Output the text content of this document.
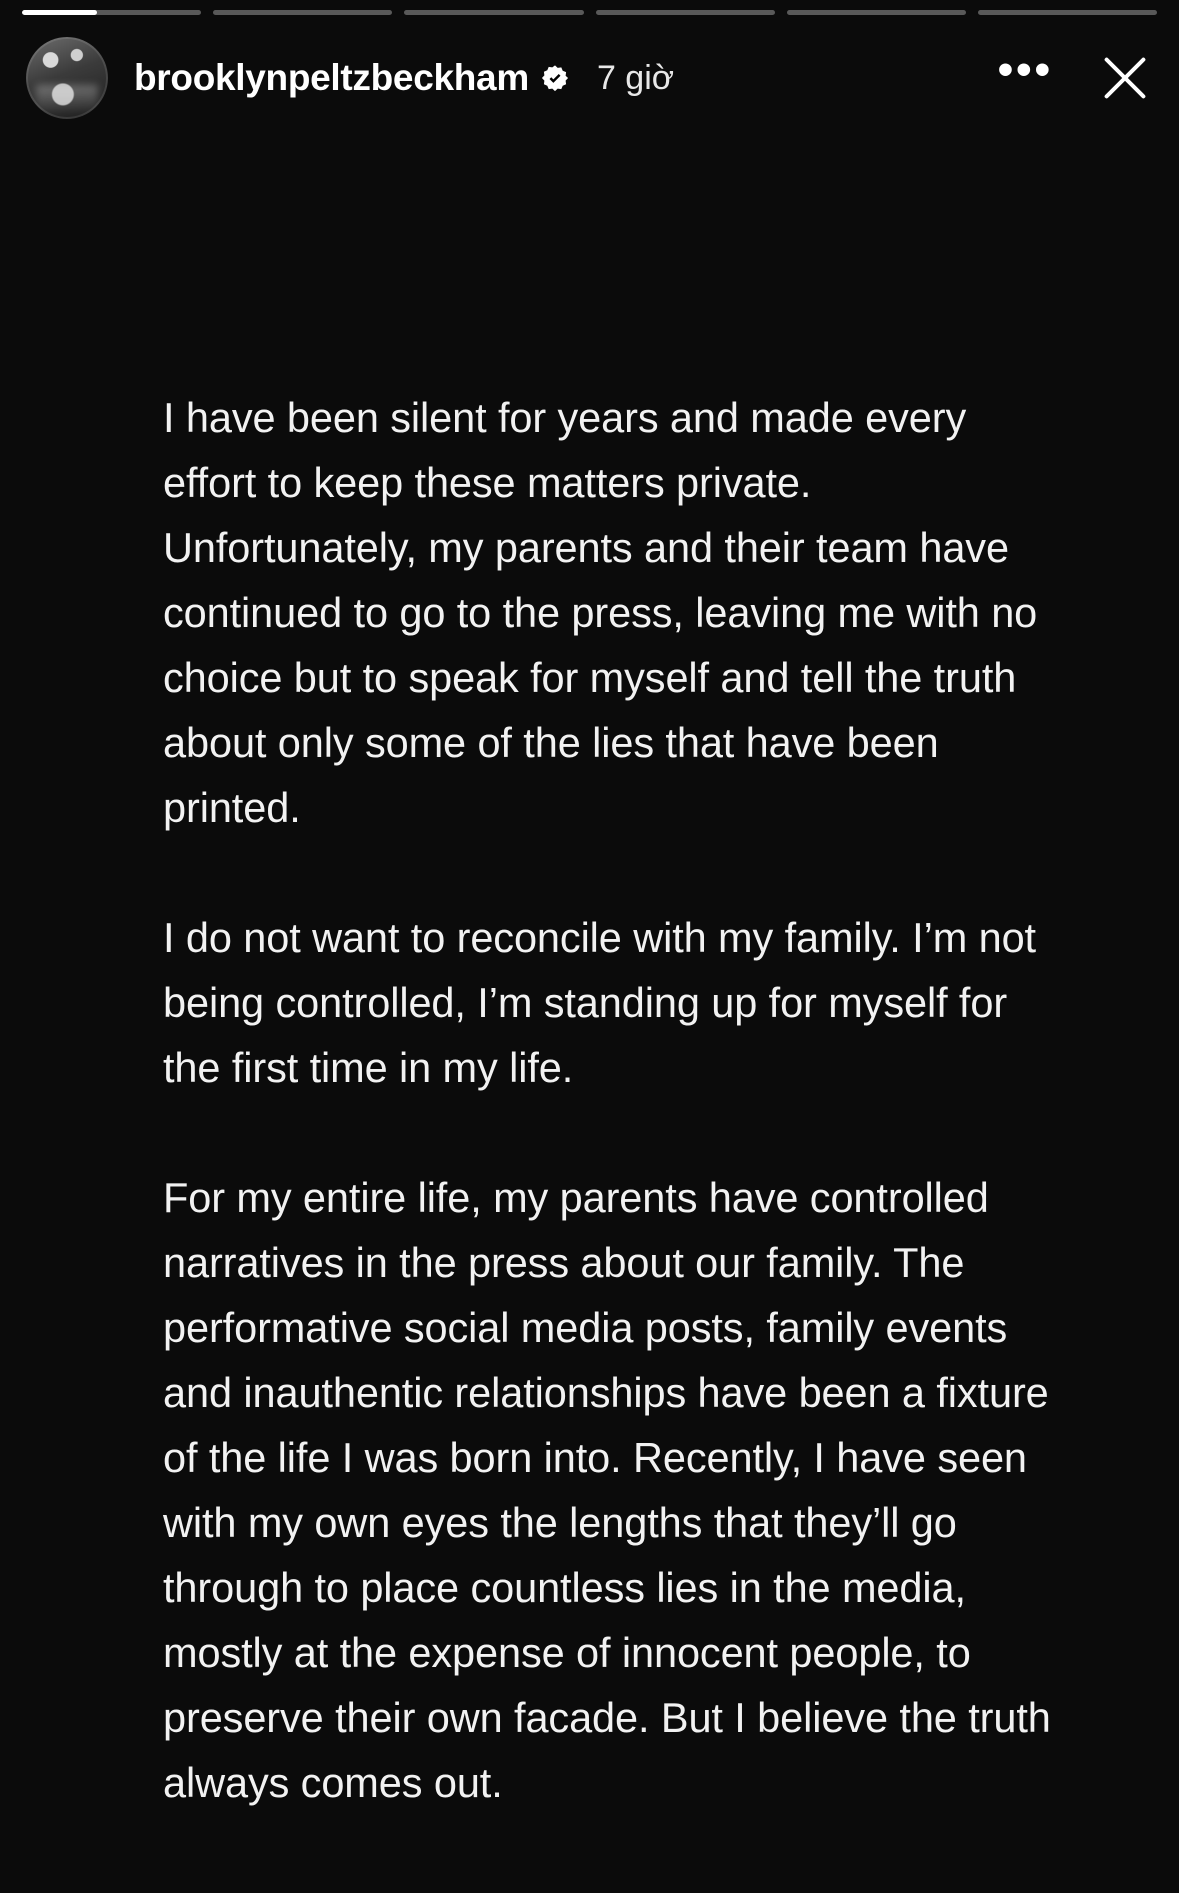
brooklynpeltzbeckham 7 giờ	•••

I have been silent for years and made every effort to keep these matters private. Unfortunately, my parents and their team have continued to go to the press, leaving me with no choice but to speak for myself and tell the truth about only some of the lies that have been printed.

I do not want to reconcile with my family. I’m not being controlled, I’m standing up for myself for the first time in my life.

For my entire life, my parents have controlled narratives in the press about our family. The performative social media posts, family events and inauthentic relationships have been a fixture of the life I was born into. Recently, I have seen with my own eyes the lengths that they’ll go through to place countless lies in the media, mostly at the expense of innocent people, to preserve their own facade. But I believe the truth always comes out.
